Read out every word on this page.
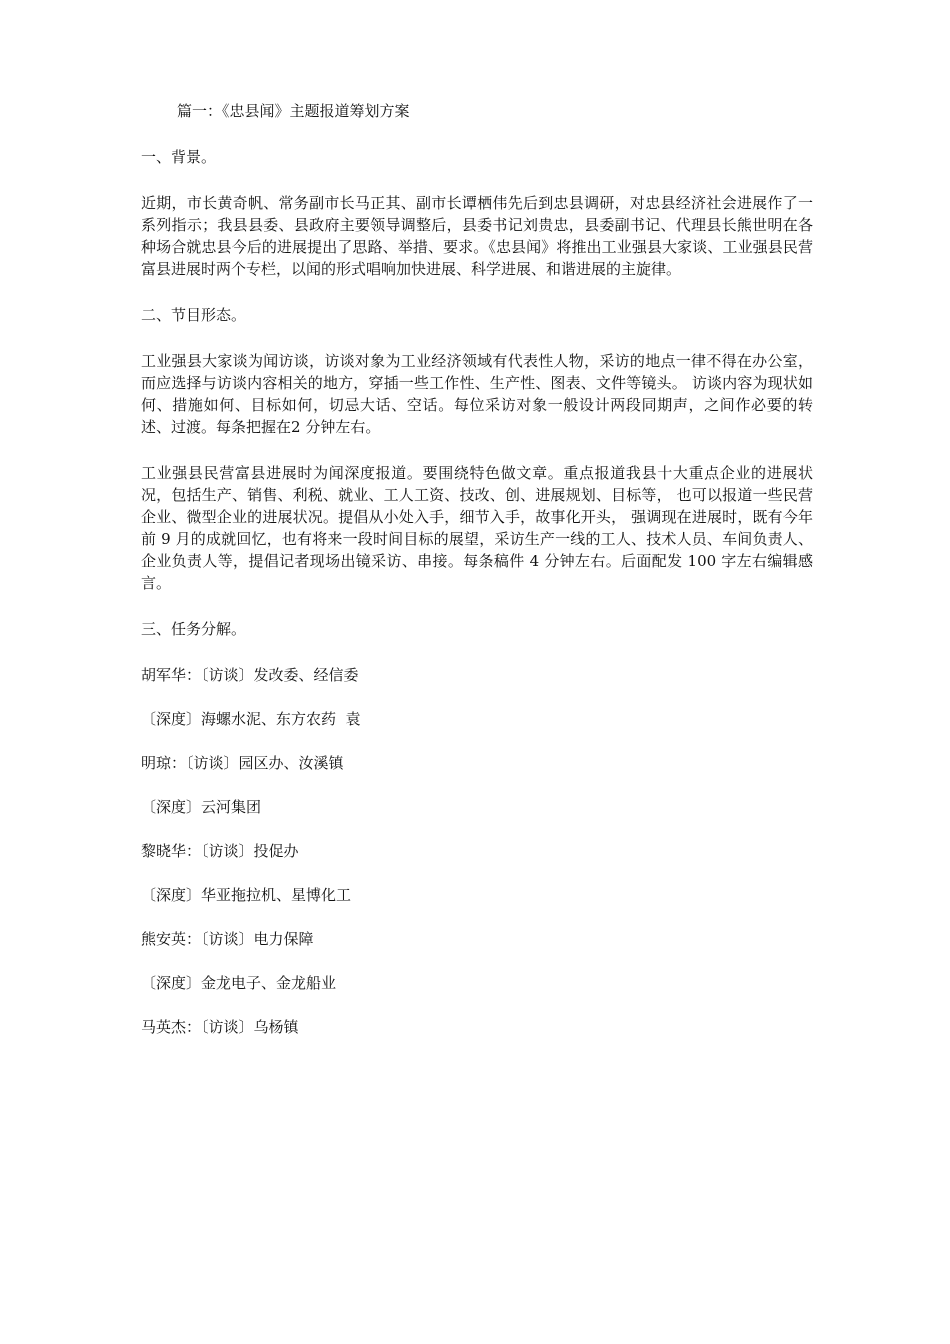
篇一：《忠县闻》主题报道筹划方案

一、背景。

近期，市长黄奇帆、常务副市长马正其、副市长谭栖伟先后到忠县调研，对忠县经济社会进展作了一系列指示；我县县委、县政府主要领导调整后，县委书记刘贵忠，县委副书记、代理县长熊世明在各种场合就忠县今后的进展提出了思路、举措、要求。《忠县闻》将推出工业强县大家谈、工业强县民营富县进展时两个专栏，以闻的形式唱响加快进展、科学进展、和谐进展的主旋律。

二、节目形态。

工业强县大家谈为闻访谈，访谈对象为工业经济领域有代表性人物，采访的地点一律不得在办公室，而应选择与访谈内容相关的地方，穿插一些工作性、生产性、图表、文件等镜头。 访谈内容为现状如何、措施如何、目标如何，切忌大话、空话。每位采访对象一般设计两段同期声，之间作必要的转述、过渡。每条把握在2 分钟左右。

工业强县民营富县进展时为闻深度报道。要围绕特色做文章。重点报道我县十大重点企业的进展状况，包括生产、销售、利税、就业、工人工资、技改、创、进展规划、目标等， 也可以报道一些民营企业、微型企业的进展状况。提倡从小处入手，细节入手，故事化开头， 强调现在进展时，既有今年前 9 月的成就回忆，也有将来一段时间目标的展望，采访生产一线的工人、技术人员、车间负责人、企业负责人等，提倡记者现场出镜采访、串接。每条稿件 4 分钟左右。后面配发 100 字左右编辑感言。

三、任务分解。

胡军华：〔访谈〕发改委、经信委

〔深度〕海螺水泥、东方农药  袁

明琼：〔访谈〕园区办、汝溪镇

〔深度〕云河集团

黎晓华：〔访谈〕投促办

〔深度〕华亚拖拉机、星博化工

熊安英：〔访谈〕电力保障

〔深度〕金龙电子、金龙船业

马英杰：〔访谈〕乌杨镇
